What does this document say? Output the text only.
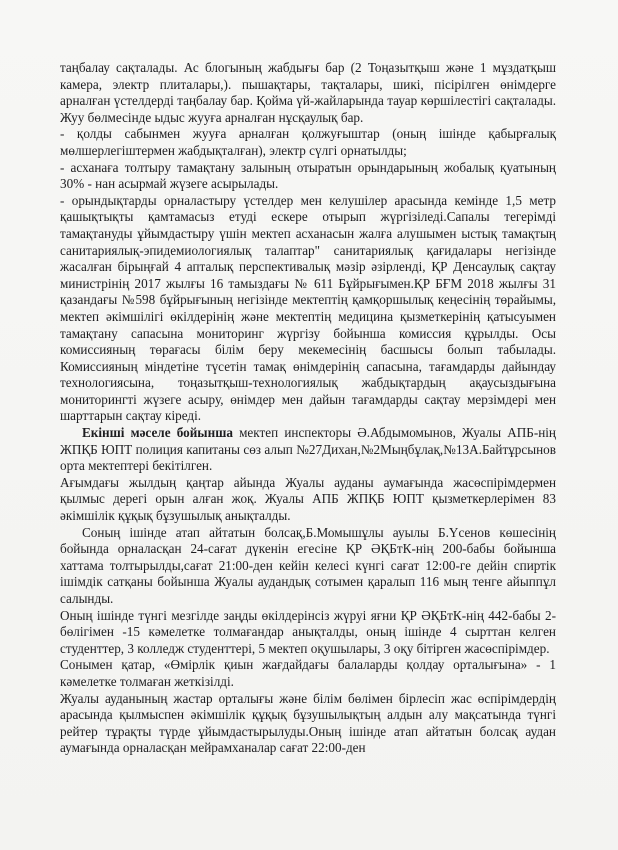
таңбалау сақталады. Ас блогының жабдығы бар (2 Тоңазытқыш және 1 мұздатқыш камера, электр плиталары,). пышақтары, тақталары, шикі, пісірілген өнімдерге арналған үстелдерді таңбалау бар. Қойма үй-жайларында тауар көршілестігі сақталады. Жуу бөлмесінде ыдыс жууға арналған нұсқаулық бар.

- қолды сабынмен жууға арналған қолжуғыштар (оның ішінде қабырғалық мөлшерлегіштермен жабдықталған), электр сүлгі орнатылды;

- асханаға толтыру тамақтану залының отыратын орындарының жобалық қуатының 30% - нан асырмай жүзеге асырылады.

- орындықтарды орналастыру үстелдер мен келушілер арасында кемінде 1,5 метр қашықтықты қамтамасыз етуді ескере отырып жүргізіледі.Сапалы тегерімді тамақтануды ұйымдастыру үшін мектеп асханасын жалға алушымен ыстық тамақтың санитариялық-эпидемиологиялық талаптар" санитариялық қағидалары негізінде жасалған бірыңғай 4 апталық перспективалық мәзір әзірленді, ҚР Денсаулық сақтау министрінің 2017 жылғы 16 тамыздағы № 611 Бұйрығымен.ҚР БҒМ 2018 жылғы 31 қазандағы №598 бұйрығының негізінде мектептің қамқоршылық кеңесінің төрайымы, мектеп әкімшілігі өкілдерінің және мектептің медицина қызметкерінің қатысуымен тамақтану сапасына мониторинг жүргізу бойынша комиссия құрылды. Осы комиссияның төрағасы білім беру мекемесінің басшысы болып табылады. Комиссияның міндетіне түсетін тамақ өнімдерінің сапасына, тағамдарды дайындау технологиясына, тоңазытқыш-технологиялық жабдықтардың ақаусыздығына мониторингті жүзеге асыру, өнімдер мен дайын тағамдарды сақтау мерзімдері мен шарттарын сақтау кіреді.

Екінші мәселе бойынша мектеп инспекторы Ә.Абдымомынов, Жуалы АПБ-нің ЖПҚБ ЮПТ полиция капитаны сөз алып №27Дихан,№2Мыңбұлақ,№13А.Байтұрсынов орта мектептері бекітілген.

Ағымдағы жылдың қаңтар айында Жуалы ауданы аумағында жасөспірімдермен қылмыс дерегі орын алған жоқ. Жуалы АПБ ЖПҚБ ЮПТ қызметкерлерімен 83 әкімшілік құқық бұзушылық анықталды.

Соның ішінде атап айтатын болсақ,Б.Момышұлы ауылы Б.Үсенов көшесінің бойында орналасқан 24-сағат дүкенін егесіне ҚР ӘҚБтК-нің 200-бабы бойынша хаттама толтырылды,сағат 21:00-ден кейін келесі күнгі сағат 12:00-ге дейін спиртік ішімдік сатқаны бойынша Жуалы аудандық сотымен қаралып 116 мың тенге айыппұл салынды.

Оның ішінде түнгі мезгілде заңды өкілдерінсіз жүруі яғни ҚР ӘҚБтК-нің 442-бабы 2-бөлігімен -15 кәмелетке толмағандар анықталды, оның ішінде 4 сырттан келген студенттер, 3 колледж студенттері, 5 мектеп оқушылары, 3 оқу бітірген жасөспірімдер.

Сонымен қатар, «Өмірлік қиын жағдайдағы балаларды қолдау орталығына» - 1 кәмелетке толмаған жеткізілді.

Жуалы ауданының жастар орталығы және білім бөлімен бірлесіп жас өспірімдердің арасында қылмыспен әкімшілік құқық бұзушылықтың алдын алу мақсатында түнгі рейтер тұрақты түрде ұйымдастырылуды.Оның ішінде атап айтатын болсақ аудан аумағында орналасқан мейрамханалар сағат 22:00-ден
